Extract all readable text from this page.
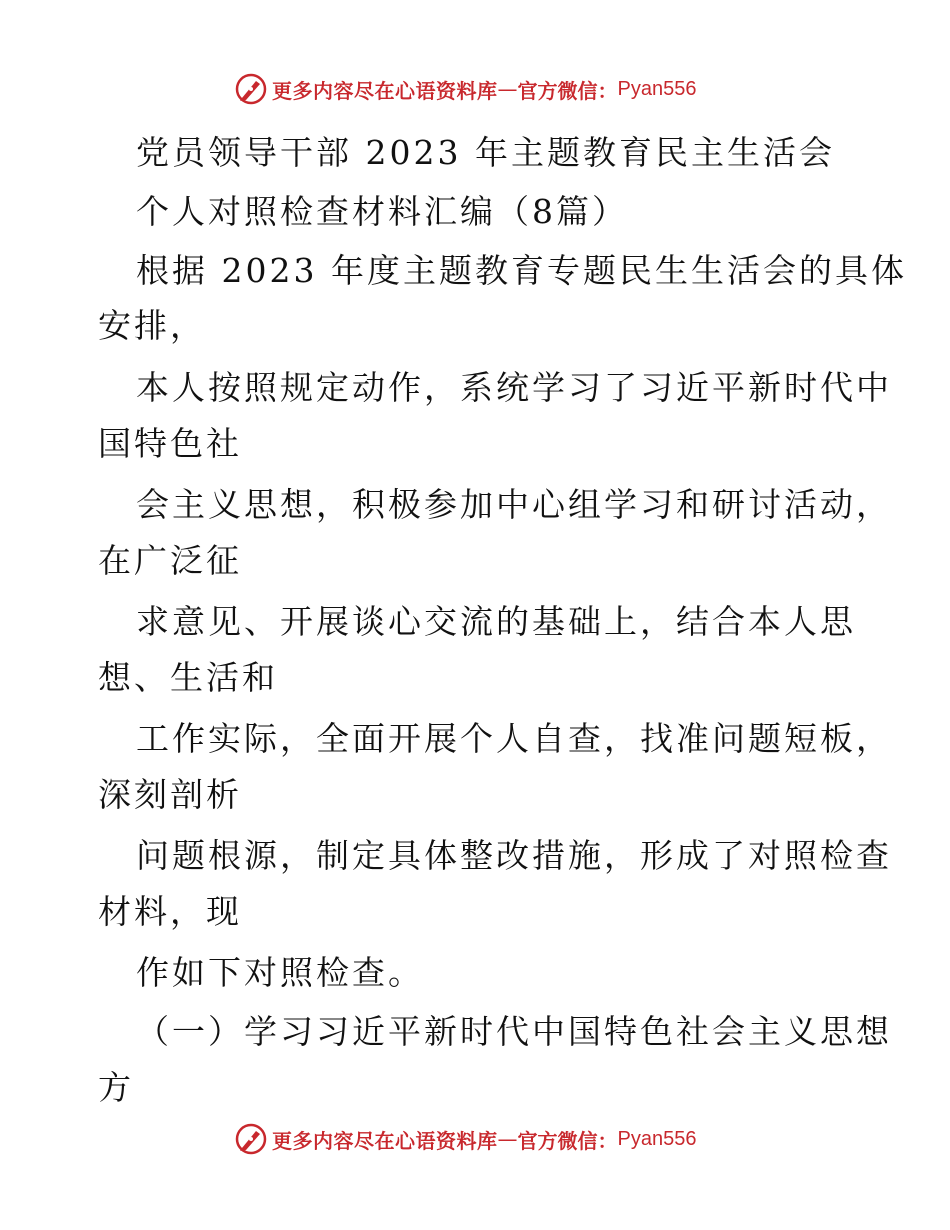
更多内容尽在心语资料库 — 官方微信： Pyan556
党员领导干部 2023 年主题教育民主生活会
个人对照检查材料汇编（8篇）
根据 2023 年度主题教育专题民生生活会的具体
安排，
本人按照规定动作，系统学习了习近平新时代中
国特色社
会主义思想，积极参加中心组学习和研讨活动，
在广泛征
求意见、开展谈心交流的基础上，结合本人思
想、生活和
工作实际，全面开展个人自查，找准问题短板，
深刻剖析
问题根源，制定具体整改措施，形成了对照检查
材料，现
作如下对照检查。
（一）学习习近平新时代中国特色社会主义思想
方
更多内容尽在心语资料库 — 官方微信： Pyan556
